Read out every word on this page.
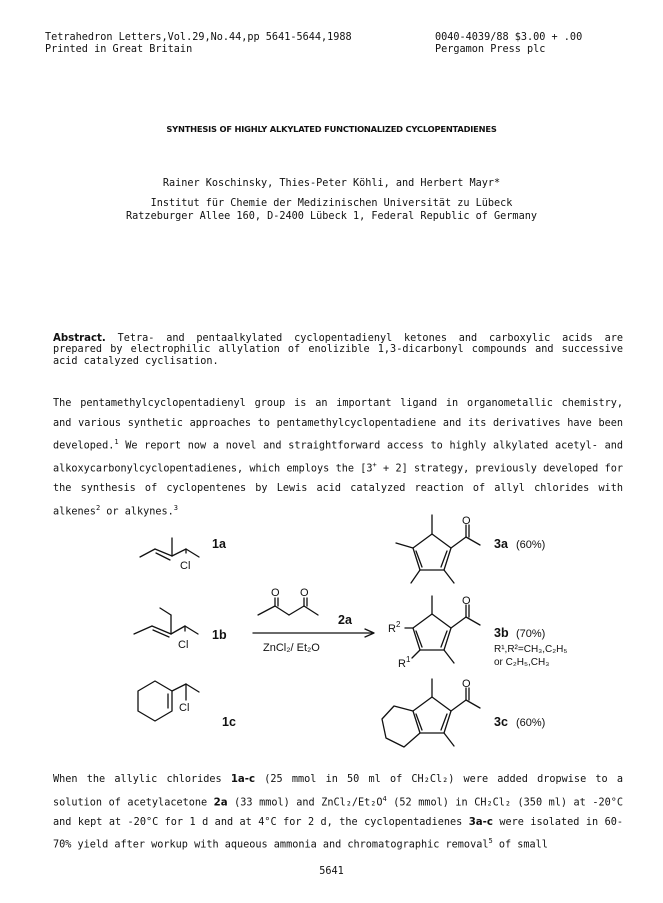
Tetrahedron Letters,Vol.29,No.44,pp 5641-5644,1988
Printed in Great Britain
0040-4039/88 $3.00 + .00
Pergamon Press plc
SYNTHESIS OF HIGHLY ALKYLATED FUNCTIONALIZED CYCLOPENTADIENES
Rainer Koschinsky, Thies-Peter Köhli, and Herbert Mayr*
Institut für Chemie der Medizinischen Universität zu Lübeck
Ratzeburger Allee 160, D-2400 Lübeck 1, Federal Republic of Germany
Abstract. Tetra- and pentaalkylated cyclopentadienyl ketones and carboxylic acids are prepared by electrophilic allylation of enolizible 1,3-dicarbonyl compounds and successive acid catalyzed cyclisation.
The pentamethylcyclopentadienyl group is an important ligand in organometallic chemistry, and various synthetic approaches to pentamethylcyclopentadiene and its derivatives have been developed.$^1$ We report now a novel and straightforward access to highly alkylated acetyl- and alkoxycarbonylcyclopentadienes, which employs the [3+ + 2] strategy, previously developed for the synthesis of cyclopentenes by Lewis acid catalyzed reaction of allyl chlorides with alkenes$^2$ or alkynes.$^3$
1a
Cl
O
3a (60%)
1b
Cl
O O
2a
ZnCl₂/ Et₂O
O
$R^2$
$R^1$
3b (70%)
R¹,R²=CH₃,C₂H₅
or C₂H₅,CH₃
1c
Cl
O
3c (60%)
When the allylic chlorides 1a-c (25 mmol in 50 ml of CH₂Cl₂) were added dropwise to a solution of acetylacetone 2a (33 mmol) and ZnCl₂/$Et_2O^4$ (52 mmol) in CH₂Cl₂ (350 ml) at -20°C and kept at -20°C for 1 d and at 4°C for 2 d, the cyclopentadienes 3a-c were isolated in 60-70% yield after workup with aqueous ammonia and chromatographic removal$^5$ of small
5641
